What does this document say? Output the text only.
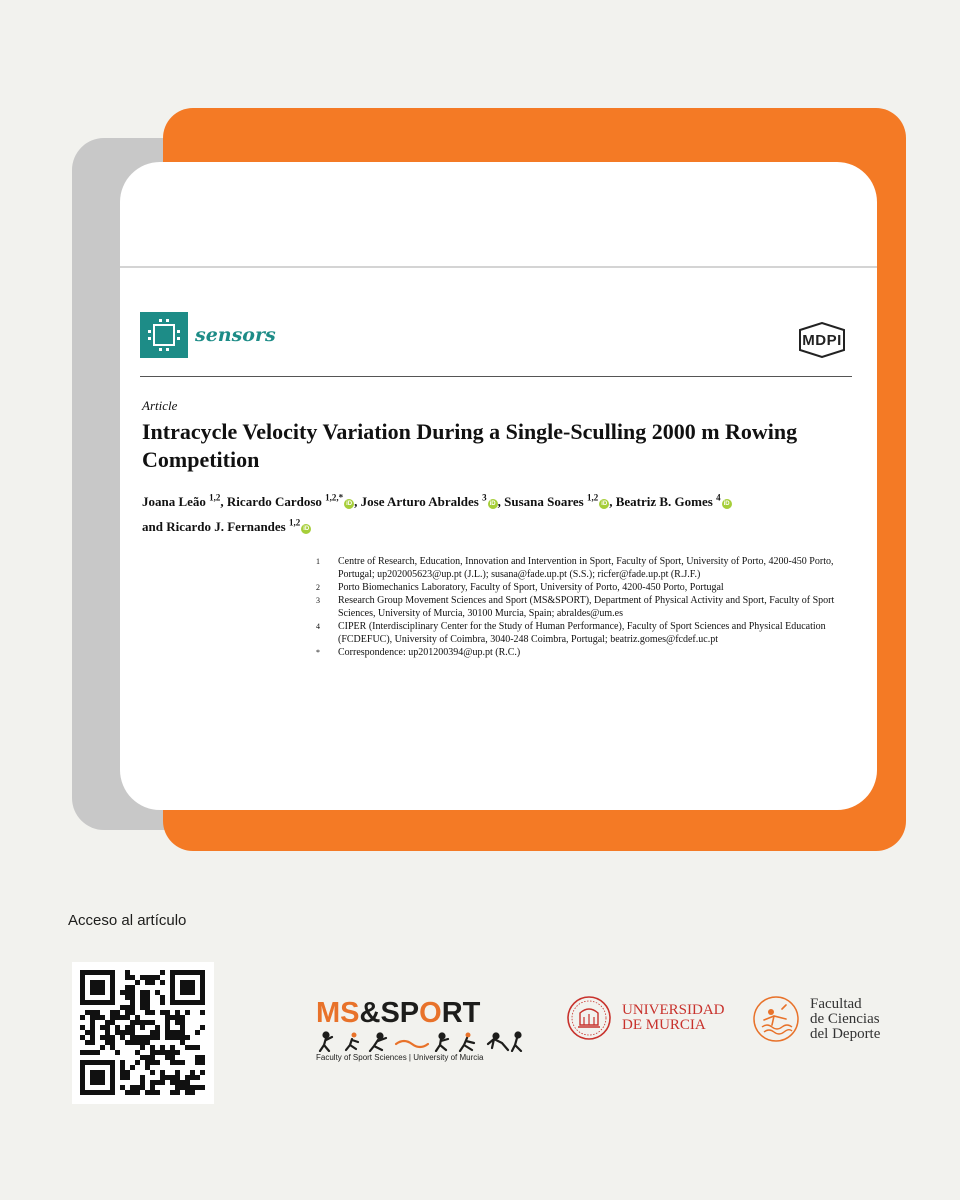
sensors	MDPI
Article
Intracycle Velocity Variation During a Single-Sculling 2000 m Rowing Competition
Joana Leão $^{1,2}$, Ricardo Cardoso $^{1,2,*}$iD , Jose Arturo Abraldes $^3$iD , Susana Soares $^{1,2}$iD , Beatriz B. Gomes $^4$iD
and Ricardo J. Fernandes $^{1,2}$iD
1	Centre of Research, Education, Innovation and Intervention in Sport, Faculty of Sport, University of Porto, 4200-450 Porto, Portugal; up202005623@up.pt (J.L.); susana@fade.up.pt (S.S.); ricfer@fade.up.pt (R.J.F.)
2	Porto Biomechanics Laboratory, Faculty of Sport, University of Porto, 4200-450 Porto, Portugal
3	Research Group Movement Sciences and Sport (MS&SPORT), Department of Physical Activity and Sport, Faculty of Sport Sciences, University of Murcia, 30100 Murcia, Spain; abraldes@um.es
4	CIPER (Interdisciplinary Center for the Study of Human Performance), Faculty of Sport Sciences and Physical Education (FCDEFUC), University of Coimbra, 3040-248 Coimbra, Portugal; beatriz.gomes@fcdef.uc.pt
*	Correspondence: up201200394@up.pt (R.C.)
Acceso al artículo
MS&SPORT
Faculty of Sport Sciences | University of Murcia
UNIVERSIDAD
DE MURCIA
Facultad
de Ciencias
del Deporte
